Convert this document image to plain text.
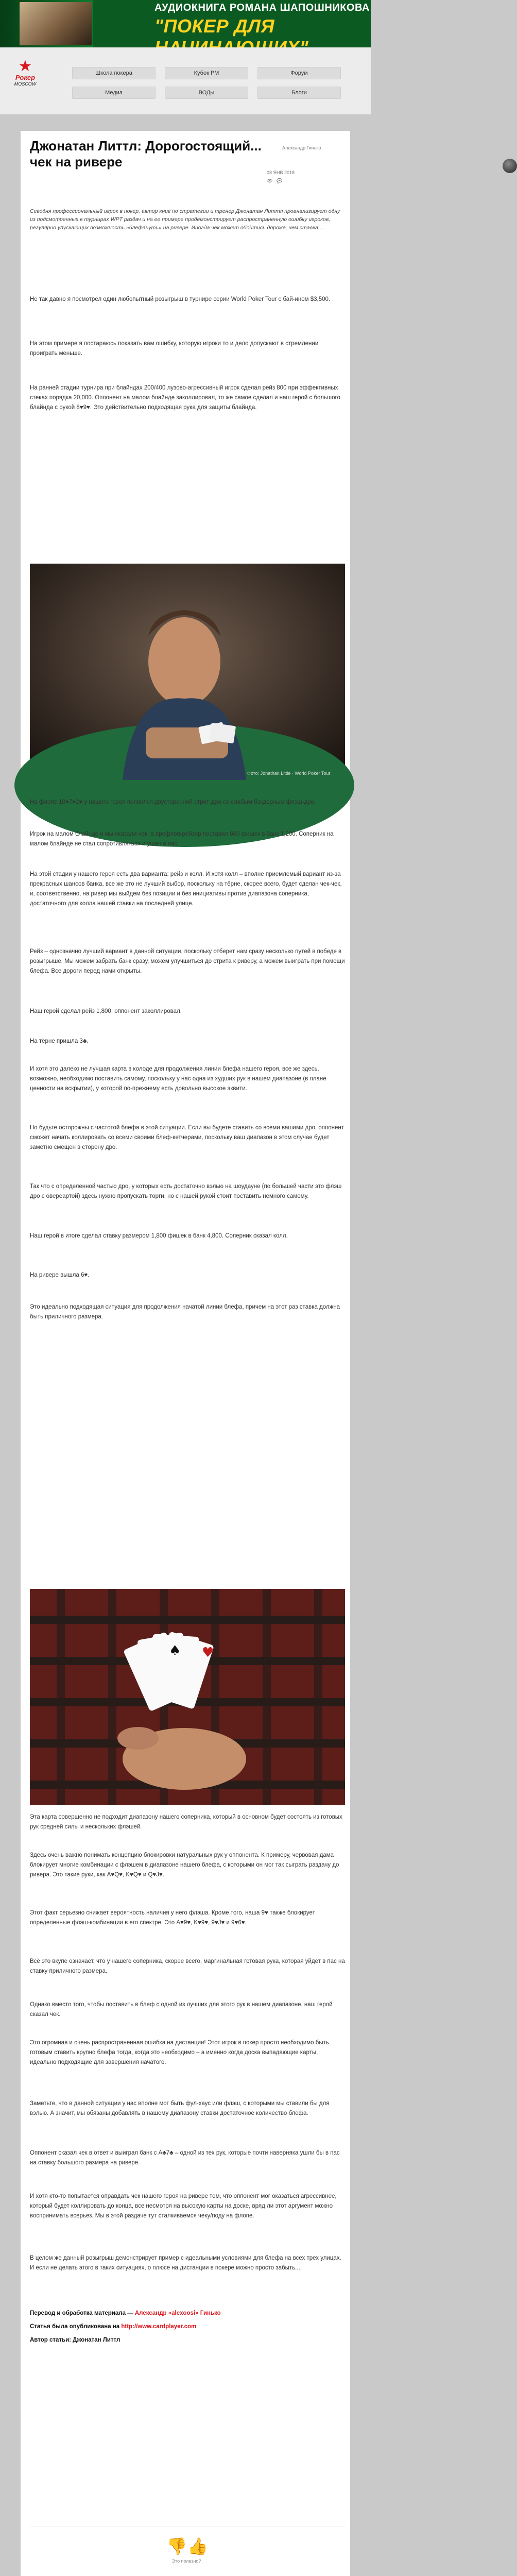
АУДИОКНИГА РОМАНА ШАПОШНИКОВА
"ПОКЕР ДЛЯ
★
Рокер
MOSCOW
Школа покера	Кубок РМ	Форум
Медиа	ВОДы	Блоги
Джонатан Литтл: Дорогостоящий... чек на ривере
Александр Гинько
08 ЯНВ 2018
👁 · 💬
Сегодня профессиональный игрок в покер, автор книг по стратегии и тренер Джонатан Литтл проанализирует одну из подсмотренных в турнирах WPT раздач и на ее примере продемонстрирует распространенную ошибку игроков, регулярно упускающих возможность «блефануть» на ривере. Иногда чек может обойтись дороже, чем ставка....
Не так давно я посмотрел один любопытный розыгрыш в турнире серии World Poker Tour с бай-ином $3,500.
На этом примере я постараюсь показать вам ошибку, которую игроки то и дело допускают в стремлении проиграть меньше.
На ранней стадии турнира при блайндах 200/400 лузово-агрессивный игрок сделал рейз 800 при эффективных стеках порядка 20,000. Оппонент на малом блайнде заколлировал, то же самое сделал и наш герой с большого блайнда с рукой 8♥9♥. Это действительно подходящая рука для защиты блайнда.
Фото: Jonathan Little · World Poker Tour
На флопе 10♥7♥2♥ у нашего героя появился двусторонний стрит-дро со слабым бэкдорным флэш-дро.
Игрок на малом блайнде и мы сказали чек, а префлоп-рейзер поставил 600 фишек в банк 1,200. Соперник на малом блайнде не стал сопротивляться и ушел в пас.
На этой стадии у нашего героя есть два варианта: рейз и колл. И хотя колл – вполне приемлемый вариант из-за прекрасных шансов банка, все же это не лучший выбор, поскольку на тёрне, скорее всего, будет сделан чек-чек, и, соответственно, на ривер мы выйдем без позиции и без инициативы против диапазона соперника, достаточного для колла нашей ставки на последней улице.
Рейз – однозначно лучший вариант в данной ситуации, поскольку отберет нам сразу несколько путей в победе в розыгрыше. Мы можем забрать банк сразу, можем улучшиться до стрита к риверу, а можем выиграть при помощи блефа. Все дороги перед нами открыты.
Наш герой сделал рейз 1,800, оппонент заколлировал.
На тёрне пришла 3♣.
И хотя это далеко не лучшая карта в колоде для продолжения линии блефа нашего героя, все же здесь, возможно, необходимо поставить самому, поскольку у нас одна из худших рук в нашем диапазоне (в плане ценности на вскрытии), у которой по-прежнему есть довольно высокое эквити.
Но будьте осторожны с частотой блефа в этой ситуации. Если вы будете ставить со всеми вашими дро, оппонент сможет начать коллировать со всеми своими блеф-кетчерами, поскольку ваш диапазон в этом случае будет заметно смещен в сторону дро.
Так что с определенной частью дро, у которых есть достаточно вэлью на шоудауне (по большей части это флэш дро с овереартой) здесь нужно пропускать торги, но с нашей рукой стоит поставить немного самому.
Наш герой в итоге сделал ставку размером 1,800 фишек в банк 4,800. Соперник сказал колл.
На ривере вышла 6♥.
Это идеально подходящая ситуация для продолжения начатой линии блефа, причем на этот раз ставка должна быть приличного размера.
♥
♠
Эта карта совершенно не подходит диапазону нашего соперника, который в основном будет состоять из готовых рук средней силы и нескольких флэшей.
Здесь очень важно понимать концепцию блокировки натуральных рук у оппонента. К примеру, червовая дама блокирует многие комбинации с флэшем в диапазоне нашего блефа, с которыми он мог так сыграть раздачу до ривера. Это такие руки, как A♥Q♥, K♥Q♥ и Q♥J♥.
Этот факт серьезно снижает вероятность наличия у него флэша. Кроме того, наша 9♥ также блокирует определенные флэш-комбинации в его спектре. Это A♥9♥, K♥9♥, 9♥J♥ и 9♥6♥.
Всё это вкупе означает, что у нашего соперника, скорее всего, маргинальная готовая рука, которая уйдет в пас на ставку приличного размера.
Однако вместо того, чтобы поставить в блеф с одной из лучших для этого рук в нашем диапазоне, наш герой сказал чек.
Это огромная и очень распространенная ошибка на дистанции! Этот игрок в покер просто необходимо быть готовым ставить крупно блефа тогда, когда это необходимо – а именно когда доска выпадающие карты, идеально подходящие для завершения начатого.
Заметьте, что в данной ситуации у нас вполне мог быть фул-хаус или флэш, с которыми мы ставили бы для вэлью. А значит, мы обязаны добавлять в нашему диапазону ставки достаточное количество блефа.
Оппонент сказал чек в ответ и выиграл банк с A♣7♣ – одной из тех рук, которые почти наверняка ушли бы в пас на ставку большого размера на ривере.
И хотя кто-то попытается оправдать чек нашего героя на ривере тем, что оппонент мог оказаться агрессивнее, который будет коллировать до конца, все несмотря на высокую карты на доске, вряд ли этот аргумент можно воспринимать всерьез. Мы в этой раздаче тут сталкиваемся чеку/поду на флопе.
В целом же данный розыгрыш демонстрирует пример с идеальными условиями для блефа на всех трех улицах. И если не делать этого в таких ситуациях, о плюсе на дистанции в покере можно просто забыть....
Перевод и обработка материала — Александр «alexoosi» Гинько
Статья была опубликована на http://www.cardplayer.com
Автор статьи: Джонатан Литтл
👎 👍
Это полезно?
